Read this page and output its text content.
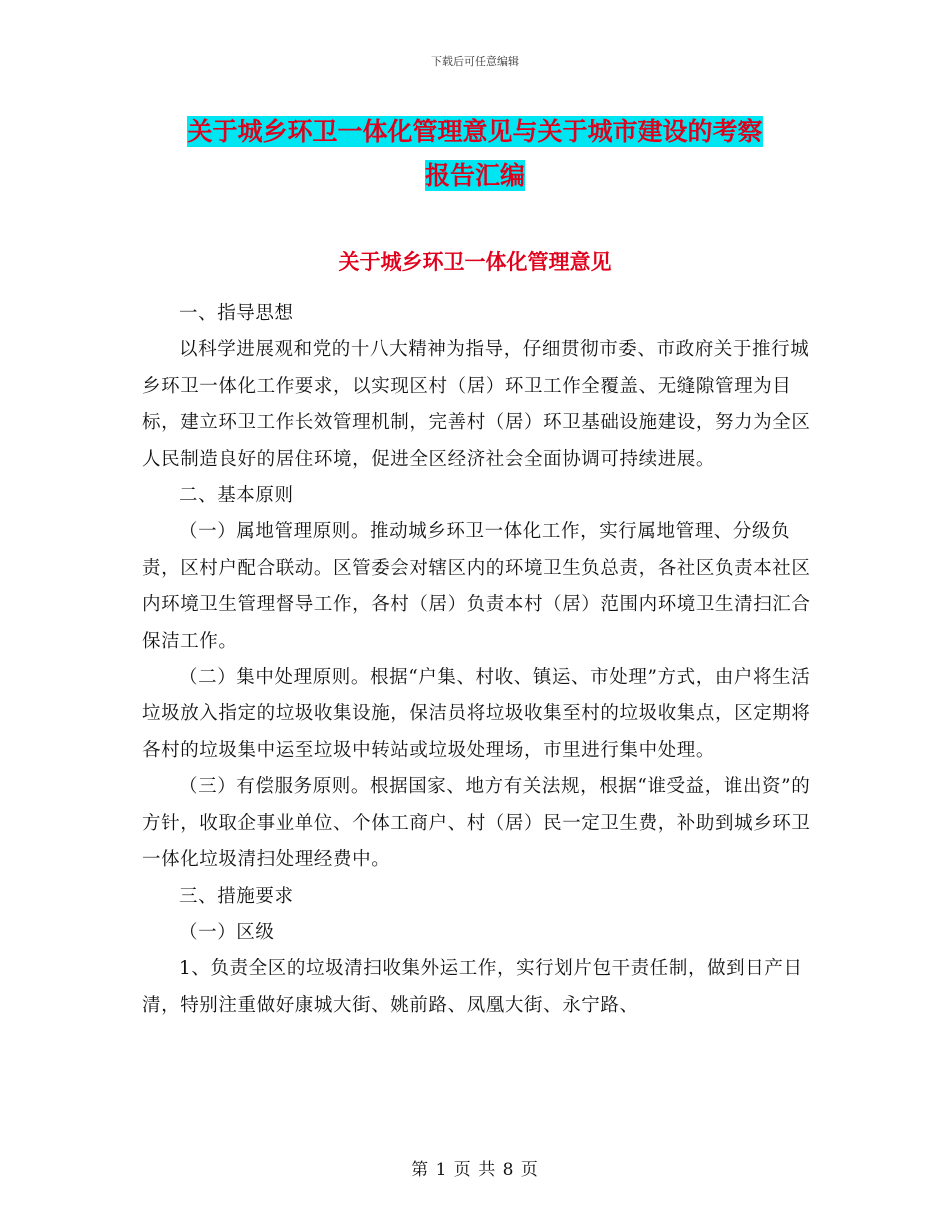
下载后可任意编辑
关于城乡环卫一体化管理意见与关于城市建设的考察
报告汇编
关于城乡环卫一体化管理意见

一、指导思想

以科学进展观和党的十八大精神为指导，仔细贯彻市委、市政府关于推行城乡环卫一体化工作要求，以实现区村（居）环卫工作全覆盖、无缝隙管理为目标，建立环卫工作长效管理机制，完善村（居）环卫基础设施建设，努力为全区人民制造良好的居住环境，促进全区经济社会全面协调可持续进展。

二、基本原则

（一）属地管理原则。推动城乡环卫一体化工作，实行属地管理、分级负责，区村户配合联动。区管委会对辖区内的环境卫生负总责，各社区负责本社区内环境卫生管理督导工作，各村（居）负责本村（居）范围内环境卫生清扫汇合保洁工作。

（二）集中处理原则。根据“户集、村收、镇运、市处理”方式，由户将生活垃圾放入指定的垃圾收集设施，保洁员将垃圾收集至村的垃圾收集点，区定期将各村的垃圾集中运至垃圾中转站或垃圾处理场，市里进行集中处理。

（三）有偿服务原则。根据国家、地方有关法规，根据“谁受益，谁出资”的方针，收取企事业单位、个体工商户、村（居）民一定卫生费，补助到城乡环卫一体化垃圾清扫处理经费中。

三、措施要求

（一）区级

1、负责全区的垃圾清扫收集外运工作，实行划片包干责任制，做到日产日清，特别注重做好康城大街、姚前路、凤凰大街、永宁路、

第 1 页 共 8 页
